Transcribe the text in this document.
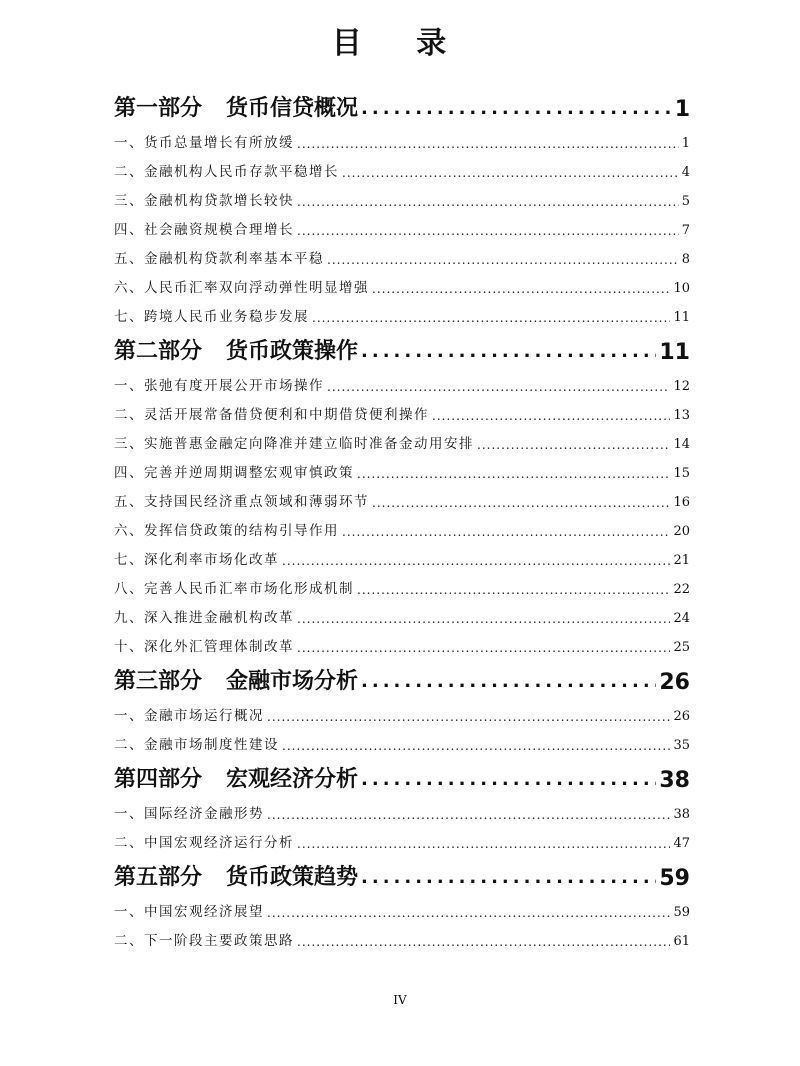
目 录
第一部分 货币信贷概况 .....	1
一、货币总量增长有所放缓 .....	1
二、金融机构人民币存款平稳增长 .....	4
三、金融机构贷款增长较快 .....	5
四、社会融资规模合理增长 .....	7
五、金融机构贷款利率基本平稳 .....	8
六、人民币汇率双向浮动弹性明显增强 .....	10
七、跨境人民币业务稳步发展 .....	11
第二部分 货币政策操作 .....	11
一、张弛有度开展公开市场操作 .....	12
二、灵活开展常备借贷便利和中期借贷便利操作 .....	13
三、实施普惠金融定向降准并建立临时准备金动用安排 .....	14
四、完善并逆周期调整宏观审慎政策 .....	15
五、支持国民经济重点领域和薄弱环节 .....	16
六、发挥信贷政策的结构引导作用 .....	20
七、深化利率市场化改革 .....	21
八、完善人民币汇率市场化形成机制 .....	22
九、深入推进金融机构改革 .....	24
十、深化外汇管理体制改革 .....	25
第三部分 金融市场分析 .....	26
一、金融市场运行概况 .....	26
二、金融市场制度性建设 .....	35
第四部分 宏观经济分析 .....	38
一、国际经济金融形势 .....	38
二、中国宏观经济运行分析 .....	47
第五部分 货币政策趋势 .....	59
一、中国宏观经济展望 .....	59
二、下一阶段主要政策思路 .....	61
IV
